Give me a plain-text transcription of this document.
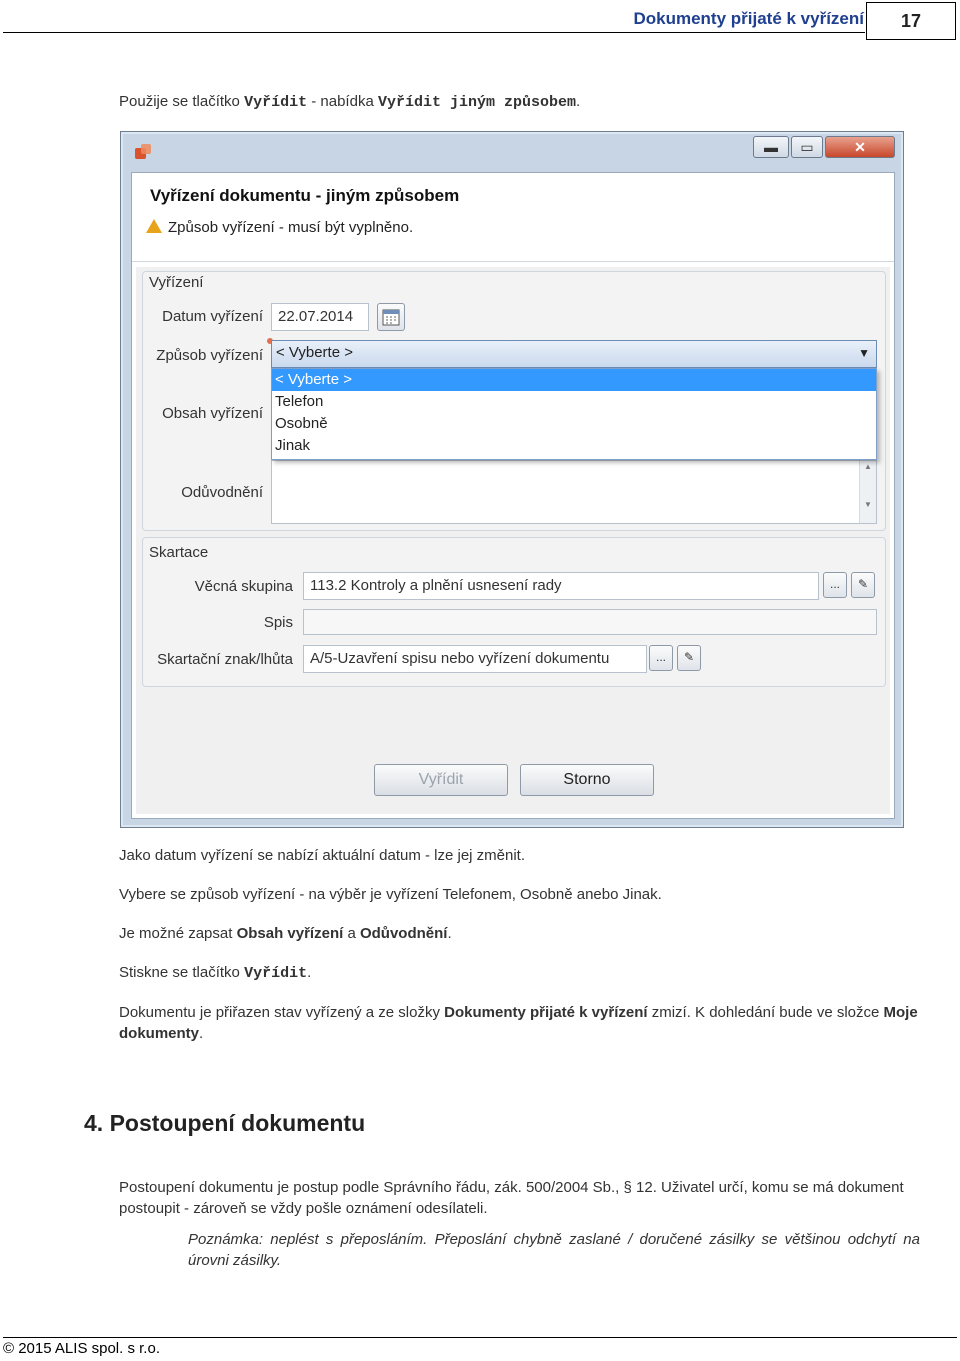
Dokumenty přijaté k vyřízení	17
Použije se tlačítko Vyřídit - nabídka Vyřídit jiným způsobem.
▬	▭	✕
Vyřízení dokumentu - jiným způsobem
Způsob vyřízení - musí být vyplněno.
Vyřízení
Datum vyřízení	22.07.2014
Způsob vyřízení < Vyberte >	▼
Obsah vyřízení
Odůvodnění
▲
▼
< Vyberte >
Telefon
Osobně
Jinak
Skartace
Věcná skupina	113.2 Kontroly a plnění usnesení rady	...	✎
Spis
Skartační znak/lhůta	A/5-Uzavření spisu nebo vyřízení dokumentu	...	✎
Vyřídit	Storno
Jako datum vyřízení se nabízí aktuální datum - lze jej změnit.
Vybere se způsob vyřízení - na výběr je vyřízení Telefonem, Osobně anebo Jinak.
Je možné zapsat Obsah vyřízení a Odůvodnění.
Stiskne se tlačítko Vyřídit.
Dokumentu je přiřazen stav vyřízený a ze složky Dokumenty přijaté k vyřízení zmizí. K dohledání bude ve složce Moje dokumenty.
4. Postoupení dokumentu
Postoupení dokumentu je postup podle Správního řádu, zák. 500/2004 Sb., § 12. Uživatel určí, komu se má dokument postoupit - zároveň se vždy pošle oznámení odesílateli.
Poznámka: neplést s přeposláním. Přeposlání chybně zaslané / doručené zásilky se většinou odchytí na úrovni zásilky.
© 2015 ALIS spol. s r.o.
